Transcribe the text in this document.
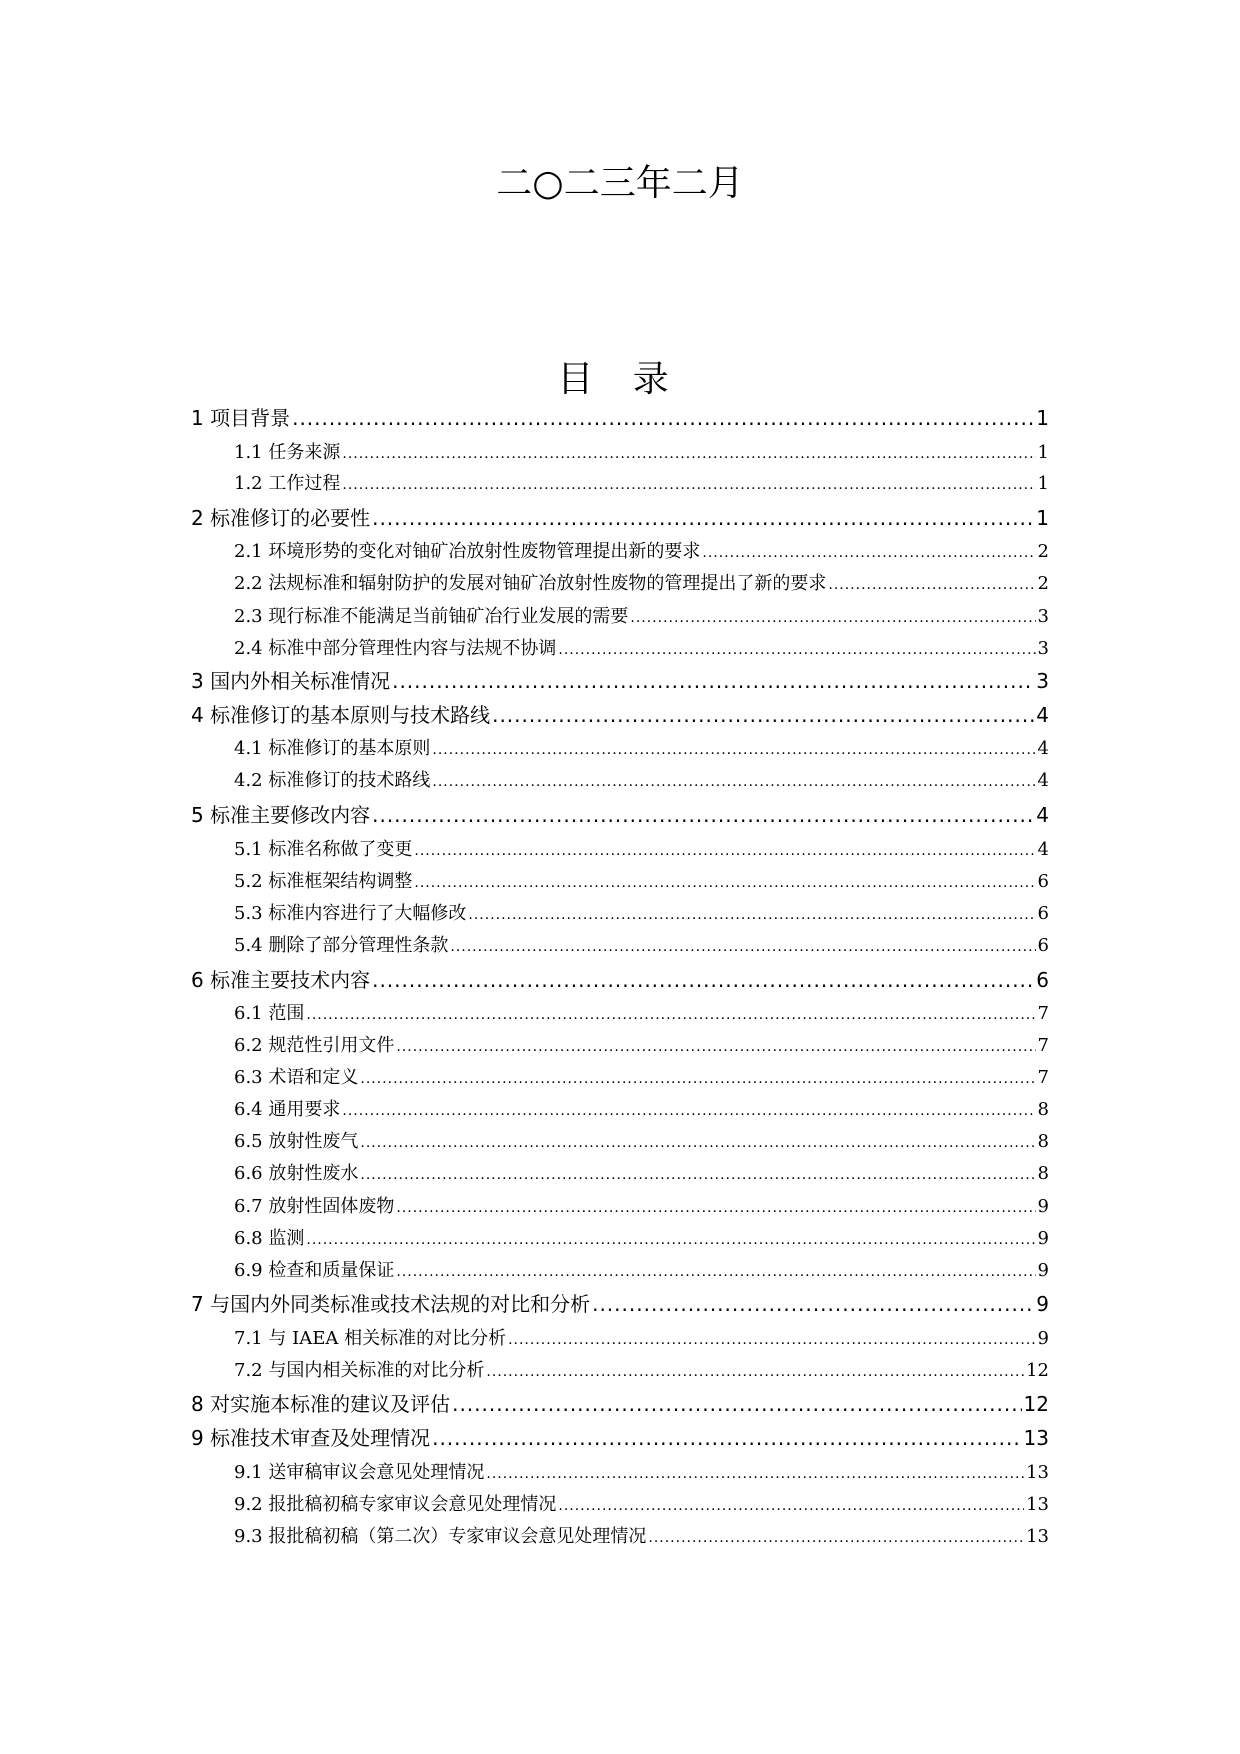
二○二三年二月
目 录
1 项目背景 .....	1
1.1 任务来源 .....	1
1.2 工作过程 .....	1
2 标准修订的必要性 .....	1
2.1 环境形势的变化对铀矿冶放射性废物管理提出新的要求 .....	2
2.2 法规标准和辐射防护的发展对铀矿冶放射性废物的管理提出了新的要求 .....	2
2.3 现行标准不能满足当前铀矿冶行业发展的需要 .....	3
2.4 标准中部分管理性内容与法规不协调 .....	3
3 国内外相关标准情况 .....	3
4 标准修订的基本原则与技术路线 .....	4
4.1 标准修订的基本原则 .....	4
4.2 标准修订的技术路线 .....	4
5 标准主要修改内容 .....	4
5.1 标准名称做了变更 .....	4
5.2 标准框架结构调整 .....	6
5.3 标准内容进行了大幅修改 .....	6
5.4 删除了部分管理性条款 .....	6
6 标准主要技术内容 .....	6
6.1 范围 .....	7
6.2 规范性引用文件 .....	7
6.3 术语和定义 .....	7
6.4 通用要求 .....	8
6.5 放射性废气 .....	8
6.6 放射性废水 .....	8
6.7 放射性固体废物 .....	9
6.8 监测 .....	9
6.9 检查和质量保证 .....	9
7 与国内外同类标准或技术法规的对比和分析 .....	9
7.1 与 IAEA 相关标准的对比分析 .....	9
7.2 与国内相关标准的对比分析 .....	12
8 对实施本标准的建议及评估 .....	12
9 标准技术审查及处理情况 .....	13
9.1 送审稿审议会意见处理情况 .....	13
9.2 报批稿初稿专家审议会意见处理情况 .....	13
9.3 报批稿初稿（第二次）专家审议会意见处理情况 .....	13
